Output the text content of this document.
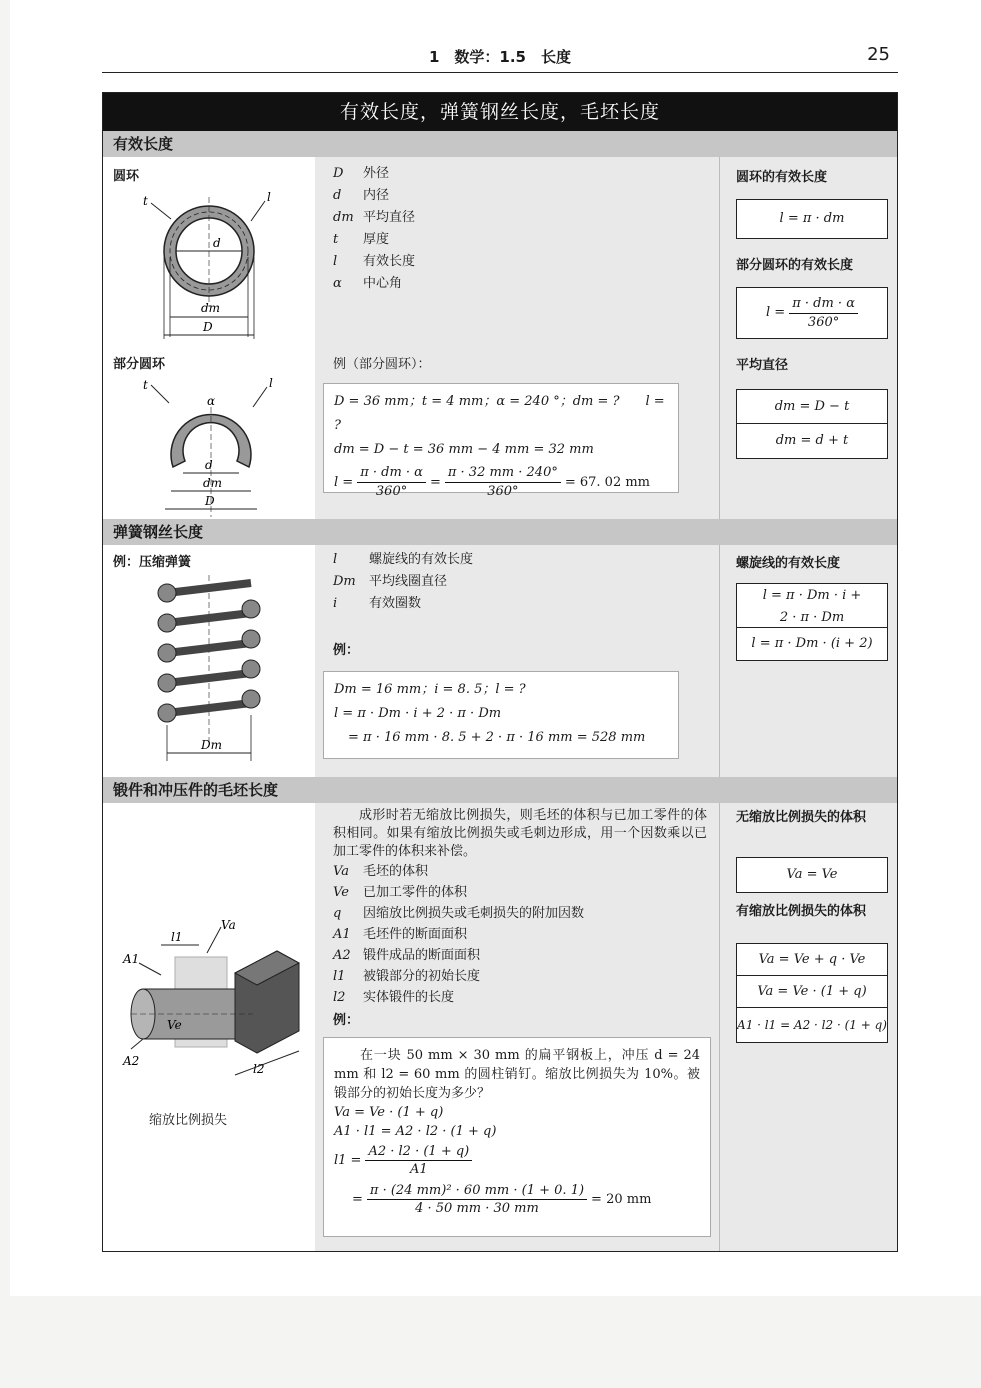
1　数学：1.5　长度	25
有效长度，弹簧钢丝长度，毛坯长度
有效长度
圆环
t	l
d
dm
D
t	l
α
d
dm
D
部分圆环
D	外径
d	内径
dm 平均直径
t	厚度
l	有效长度
α	中心角
例（部分圆环）：
D = 36 mm；t = 4 mm；α = 240 °；dm = ?　　l = ?
dm = D − t = 36 mm − 4 mm = 32 mm
$l = \frac{\pi \cdot dm \cdot \alpha}{360^\circ} = \frac{\pi \cdot 32 mm \cdot 240^\circ}{360^\circ} = 67$. 02 mm
圆环的有效长度
l = π · dm
部分圆环的有效长度
$l = \frac{\pi \cdot dm \cdot \alpha}{360^\circ}$
平均直径
dm = D − t
dm = d + t
弹簧钢丝长度
例：压缩弹簧
Dm
l	螺旋线的有效长度
Dm	平均线圈直径
i	有效圈数
例：
Dm = 16 mm；i = 8. 5；l = ?
l = π · Dm · i + 2 · π · Dm
= π · 16 mm · 8. 5 + 2 · π · 16 mm = 528 mm
螺旋线的有效长度
l = π · Dm · i +
2 · π · Dm
l = π · Dm · (i + 2)
锻件和冲压件的毛坯长度
l1
Va
A1
Ve
A2
l2
缩放比例损失
成形时若无缩放比例损失，则毛坯的体积与已加工零件的体积相同。如果有缩放比例损失或毛刺边形成，用一个因数乘以已加工零件的体积来补偿。
Va	毛坯的体积
Ve	已加工零件的体积
q	因缩放比例损失或毛刺损失的附加因数
A1 毛坯件的断面面积
A2 锻件成品的断面面积
l1	被锻部分的初始长度
l2	实体锻件的长度
例：
在一块 50 mm × 30 mm 的扁平钢板上，冲压 d = 24 mm 和 l2 = 60 mm 的圆柱销钉。缩放比例损失为 10%。被锻部分的初始长度为多少？
Va = Ve · (1 + q)
A1 · l1 = A2 · l2 · (1 + q)
$l1 = \frac{A2 \cdot l2 \cdot (1 + q)}{A1}$
= $\frac{\text{π · (24 mm)² · 60 mm · (1 + 0. 1)}}{4 \cdot 50 mm \cdot 30 mm} = 20$ mm
无缩放比例损失的体积
Va = Ve
有缩放比例损失的体积
Va = Ve + q · Ve
Va = Ve · (1 + q)
A1 · l1 = A2 · l2 · (1 + q)
